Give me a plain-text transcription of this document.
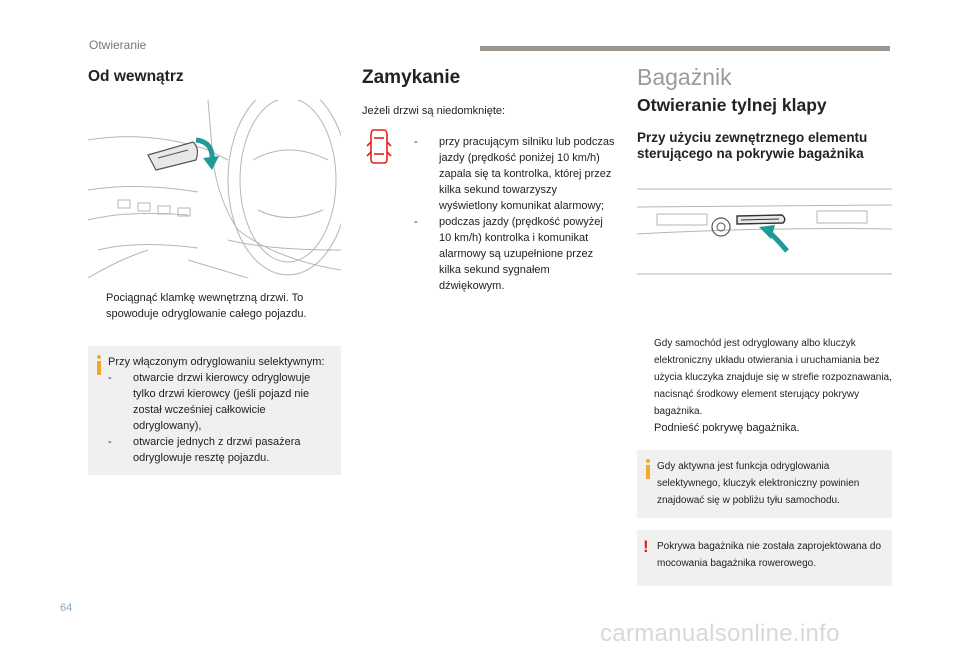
Otwieranie
Od wewnątrz

Pociągnąć klamkę wewnętrzną drzwi. To spowoduje odryglowanie całego pojazdu.

Przy włączonym odryglowaniu selektywnym:
- otwarcie drzwi kierowcy odryglowuje tylko drzwi kierowcy (jeśli pojazd nie został wcześniej całkowicie odryglowany),
- otwarcie jednych z drzwi pasażera odryglowuje resztę pojazdu.
Zamykanie

Jeżeli drzwi są niedomknięte:

- przy pracującym silniku lub podczas jazdy (prędkość poniżej 10 km/h) zapala się ta kontrolka, której przez kilka sekund towarzyszy wyświetlony komunikat alarmowy;
- podczas jazdy (prędkość powyżej 10 km/h) kontrolka i komunikat alarmowy są uzupełnione przez kilka sekund sygnałem dźwiękowym.
Bagażnik
Otwieranie tylnej klapy
Przy użyciu zewnętrznego elementu sterującego na pokrywie bagażnika

Gdy samochód jest odryglowany albo kluczyk elektroniczny układu otwierania i uruchamiania bez użycia kluczyka znajduje się w strefie rozpoznawania, nacisnąć środkowy element sterujący pokrywy bagażnika.

Podnieść pokrywę bagażnika.

Gdy aktywna jest funkcja odryglowania selektywnego, kluczyk elektroniczny powinien znajdować się w pobliżu tyłu samochodu.
! Pokrywa bagażnika nie została zaprojektowana do mocowania bagażnika rowerowego.
64
carmanualsonline.info
